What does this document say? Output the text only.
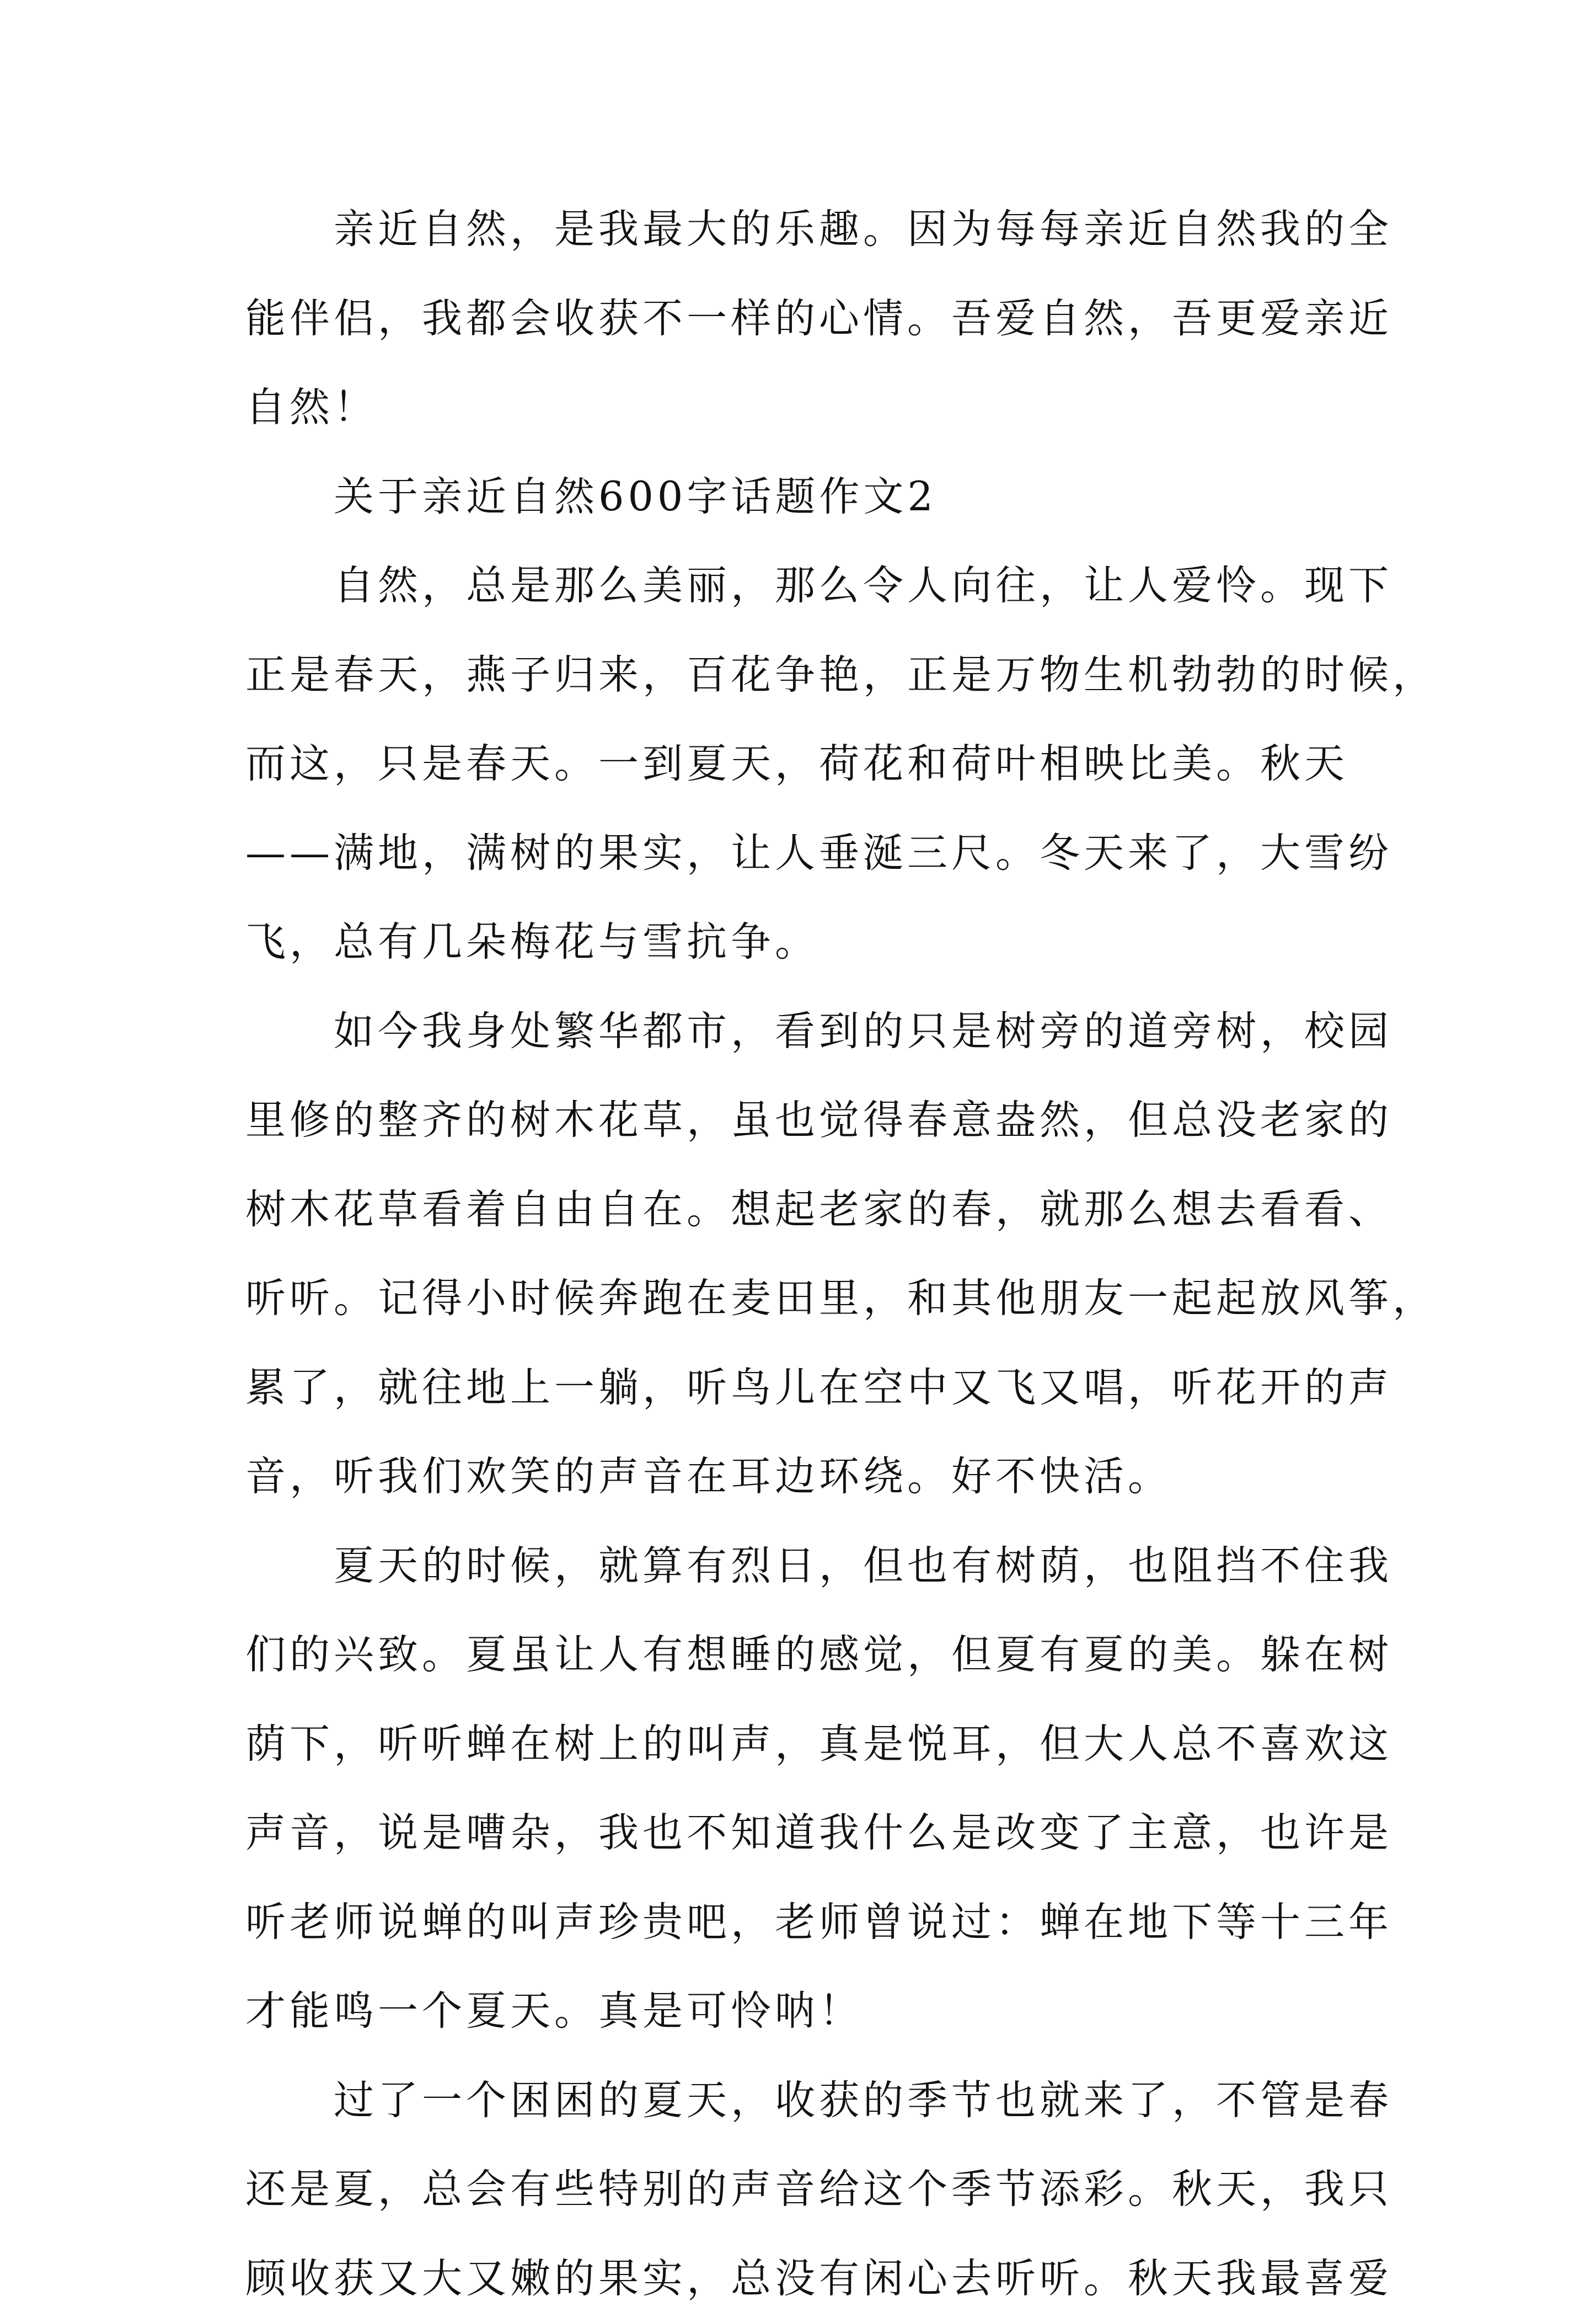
亲近自然，是我最大的乐趣。因为每每亲近自然我的全
能伴侣，我都会收获不一样的心情。吾爱自然，吾更爱亲近
自然！
关于亲近自然600字话题作文2
自然，总是那么美丽，那么令人向往，让人爱怜。现下
正是春天，燕子归来，百花争艳，正是万物生机勃勃的时候，
而这，只是春天。一到夏天，荷花和荷叶相映比美。秋天
——满地，满树的果实，让人垂涎三尺。冬天来了，大雪纷
飞，总有几朵梅花与雪抗争。
如今我身处繁华都市，看到的只是树旁的道旁树，校园
里修的整齐的树木花草，虽也觉得春意盎然，但总没老家的
树木花草看着自由自在。想起老家的春，就那么想去看看、
听听。记得小时候奔跑在麦田里，和其他朋友一起起放风筝，
累了，就往地上一躺，听鸟儿在空中又飞又唱，听花开的声
音，听我们欢笑的声音在耳边环绕。好不快活。
夏天的时候，就算有烈日，但也有树荫，也阻挡不住我
们的兴致。夏虽让人有想睡的感觉，但夏有夏的美。躲在树
荫下，听听蝉在树上的叫声，真是悦耳，但大人总不喜欢这
声音，说是嘈杂，我也不知道我什么是改变了主意，也许是
听老师说蝉的叫声珍贵吧，老师曾说过：蝉在地下等十三年
才能鸣一个夏天。真是可怜呐！
过了一个困困的夏天，收获的季节也就来了，不管是春
还是夏，总会有些特别的声音给这个季节添彩。秋天，我只
顾收获又大又嫩的果实，总没有闲心去听听。秋天我最喜爱
